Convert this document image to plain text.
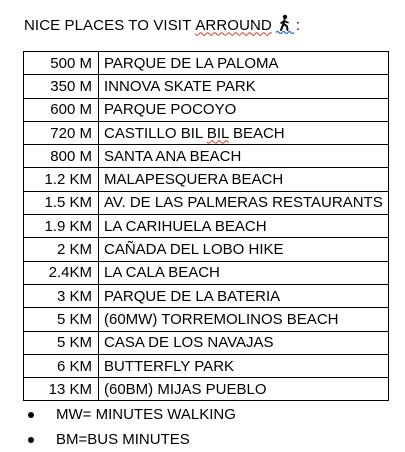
NICE PLACES TO VISIT ARROUND :
500 M	PARQUE DE LA PALOMA
350 M	INNOVA SKATE PARK
600 M	PARQUE POCOYO
720 M	CASTILLO BIL BIL BEACH
800 M	SANTA ANA BEACH
1.2 KM	MALAPESQUERA BEACH
1.5 KM	AV. DE LAS PALMERAS RESTAURANTS
1.9 KM	LA CARIHUELA BEACH
2 KM	CAÑADA DEL LOBO HIKE
2.4KM	LA CALA BEACH
3 KM	PARQUE DE LA BATERIA
5 KM	(60MW) TORREMOLINOS BEACH
5 KM	CASA DE LOS NAVAJAS
6 KM	BUTTERFLY PARK
13 KM	(60BM) MIJAS PUEBLO
MW= MINUTES WALKING
BM=BUS MINUTES
